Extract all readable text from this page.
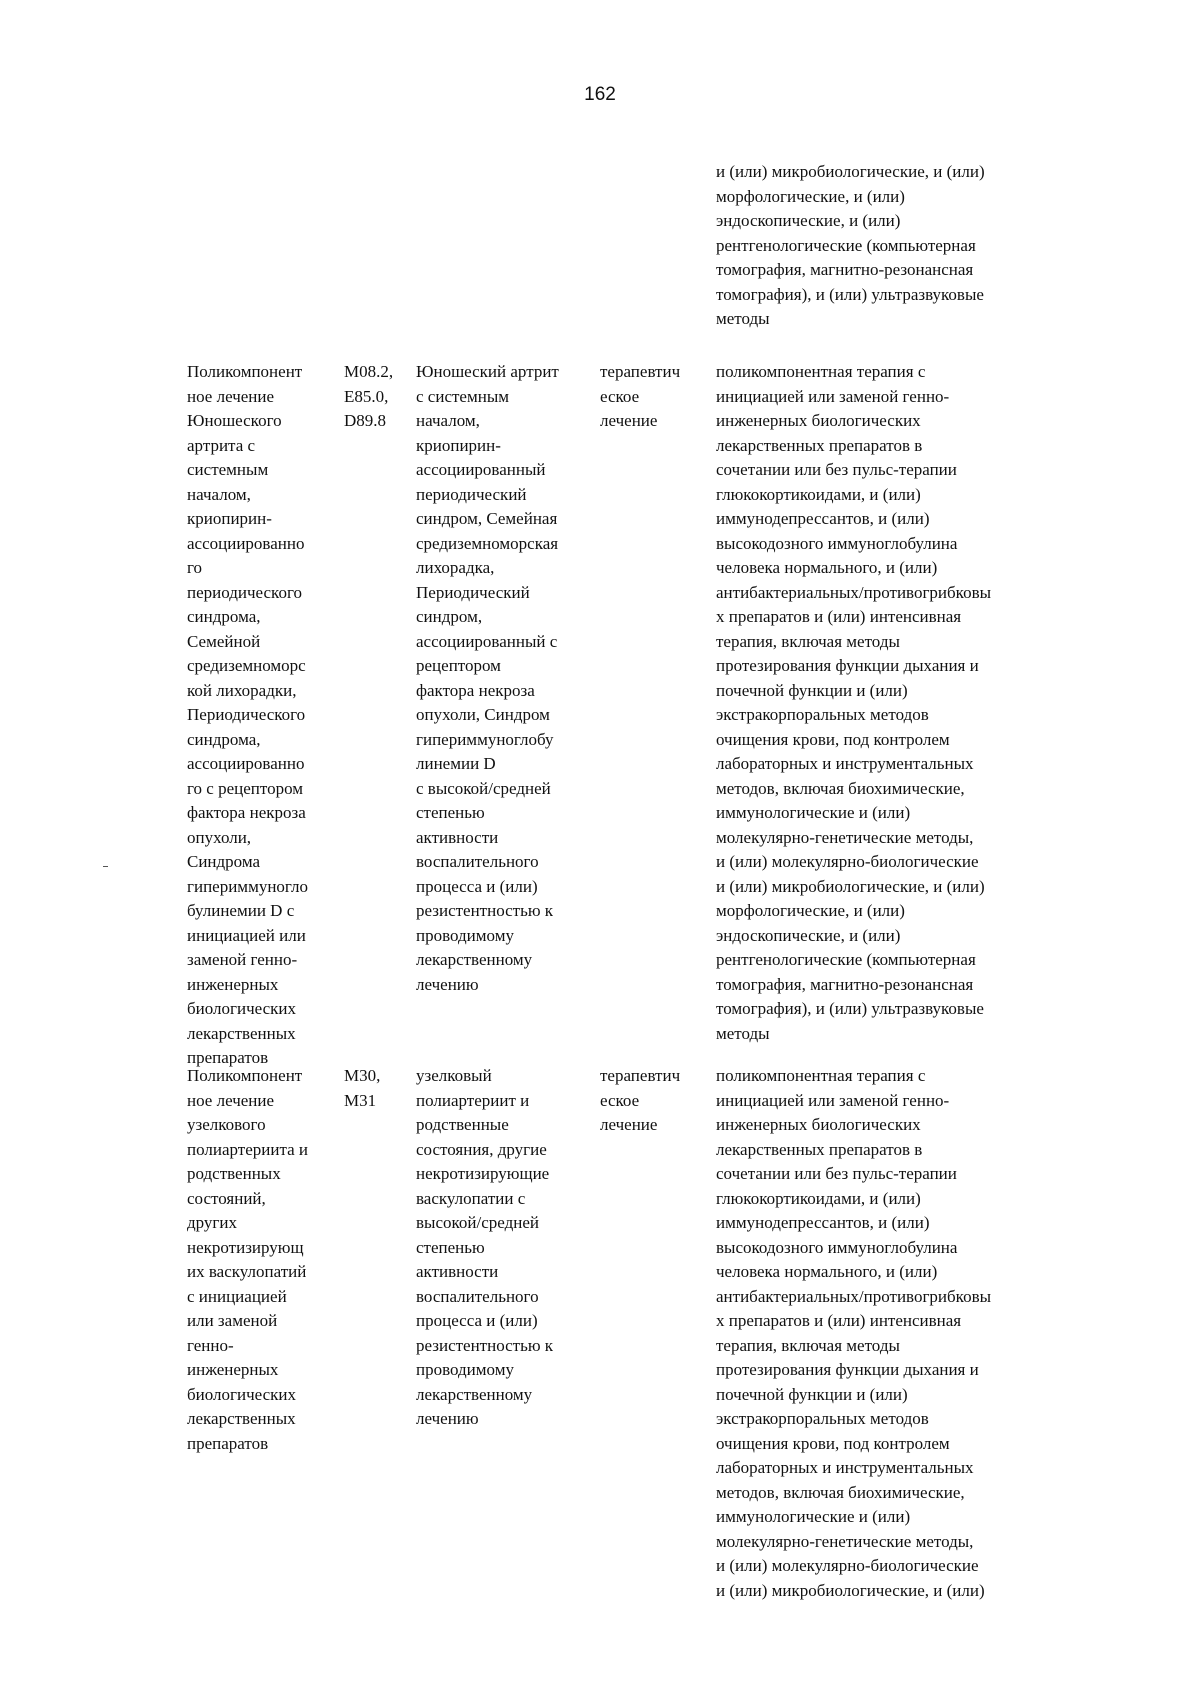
162
и (или) микробиологические, и (или)
морфологические, и (или)
эндоскопические, и (или)
рентгенологические (компьютерная
томография, магнитно-резонансная
томография), и (или) ультразвуковые
методы
Поликомпонент
ное лечение
Юношеского
артрита с
системным
началом,
криопирин-
ассоциированно
го
периодического
синдрома,
Семейной
средиземноморс
кой лихорадки,
Периодического
синдрома,
ассоциированно
го с рецептором
фактора некроза
опухоли,
Синдрома
гипериммуногло
булинемии D с
инициацией или
заменой генно-
инженерных
биологических
лекарственных
препаратов
M08.2,
E85.0,
D89.8
Юношеский артрит
с системным
началом,
криопирин-
ассоциированный
периодический
синдром, Семейная
средиземноморская
лихорадка,
Периодический
синдром,
ассоциированный с
рецептором
фактора некроза
опухоли, Синдром
гипериммуноглобу
линемии D
с высокой/средней
степенью
активности
воспалительного
процесса и (или)
резистентностью к
проводимому
лекарственному
лечению
терапевтич
еское
лечение
поликомпонентная терапия с
инициацией или заменой генно-
инженерных биологических
лекарственных препаратов в
сочетании или без пульс-терапии
глюкокортикоидами, и (или)
иммунодепрессантов, и (или)
высокодозного иммуноглобулина
человека нормального, и (или)
антибактериальных/противогрибковы
х препаратов и (или) интенсивная
терапия, включая методы
протезирования функции дыхания и
почечной функции и (или)
экстракорпоральных методов
очищения крови, под контролем
лабораторных и инструментальных
методов, включая биохимические,
иммунологические и (или)
молекулярно-генетические методы,
и (или) молекулярно-биологические
и (или) микробиологические, и (или)
морфологические, и (или)
эндоскопические, и (или)
рентгенологические (компьютерная
томография, магнитно-резонансная
томография), и (или) ультразвуковые
методы
Поликомпонент
ное лечение
узелкового
полиартериита и
родственных
состояний,
других
некротизирующ
их васкулопатий
с инициацией
или заменой
генно-
инженерных
биологических
лекарственных
препаратов
M30,
M31
узелковый
полиартериит и
родственные
состояния, другие
некротизирующие
васкулопатии с
высокой/средней
степенью
активности
воспалительного
процесса и (или)
резистентностью к
проводимому
лекарственному
лечению
терапевтич
еское
лечение
поликомпонентная терапия с
инициацией или заменой генно-
инженерных биологических
лекарственных препаратов в
сочетании или без пульс-терапии
глюкокортикоидами, и (или)
иммунодепрессантов, и (или)
высокодозного иммуноглобулина
человека нормального, и (или)
антибактериальных/противогрибковы
х препаратов и (или) интенсивная
терапия, включая методы
протезирования функции дыхания и
почечной функции и (или)
экстракорпоральных методов
очищения крови, под контролем
лабораторных и инструментальных
методов, включая биохимические,
иммунологические и (или)
молекулярно-генетические методы,
и (или) молекулярно-биологические
и (или) микробиологические, и (или)
